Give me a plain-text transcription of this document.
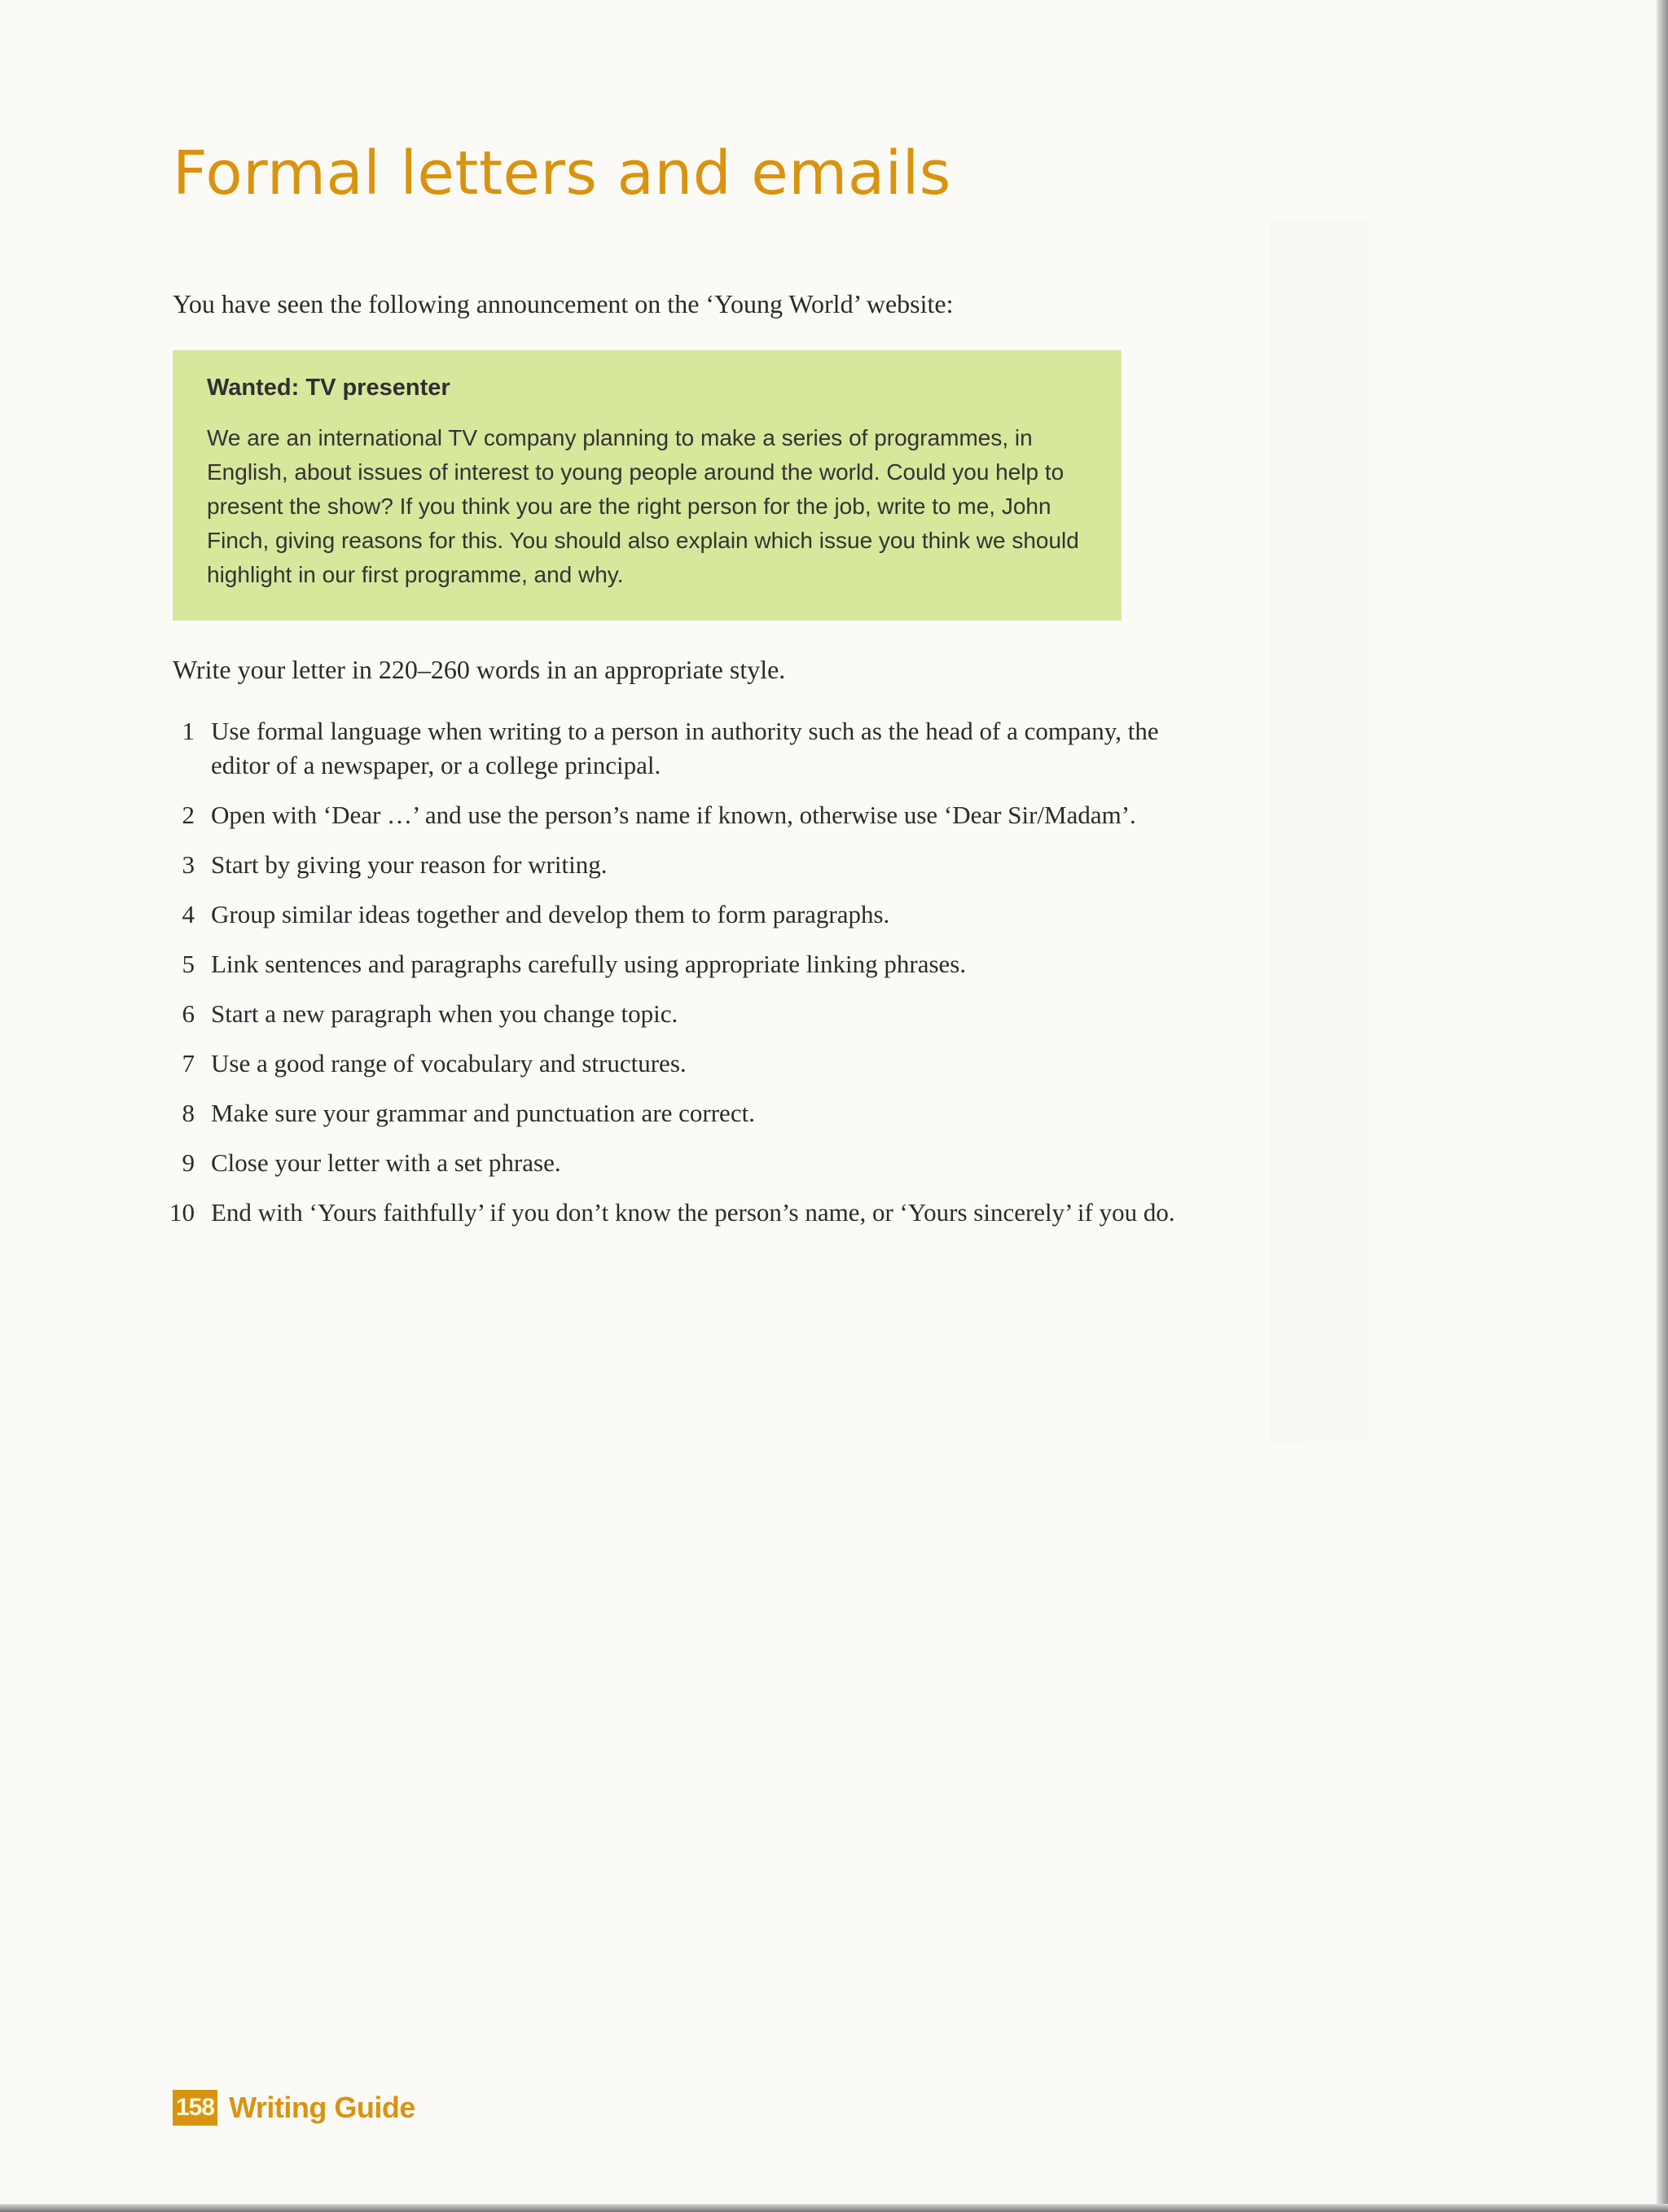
Formal letters and emails

You have seen the following announcement on the ‘Young World’ website:

Wanted: TV presenter

We are an international TV company planning to make a series of programmes, in English, about issues of interest to young people around the world. Could you help to present the show? If you think you are the right person for the job, write to me, John Finch, giving reasons for this. You should also explain which issue you think we should highlight in our first programme, and why.

Write your letter in 220–260 words in an appropriate style.

1 Use formal language when writing to a person in authority such as the head of a company, the editor of a newspaper, or a college principal.
2 Open with ‘Dear …’ and use the person’s name if known, otherwise use ‘Dear Sir/Madam’.
3 Start by giving your reason for writing.
4 Group similar ideas together and develop them to form paragraphs.
5 Link sentences and paragraphs carefully using appropriate linking phrases.
6 Start a new paragraph when you change topic.
7 Use a good range of vocabulary and structures.
8 Make sure your grammar and punctuation are correct.
9 Close your letter with a set phrase.
10 End with ‘Yours faithfully’ if you don’t know the person’s name, or ‘Yours sincerely’ if you do.
158 Writing Guide
